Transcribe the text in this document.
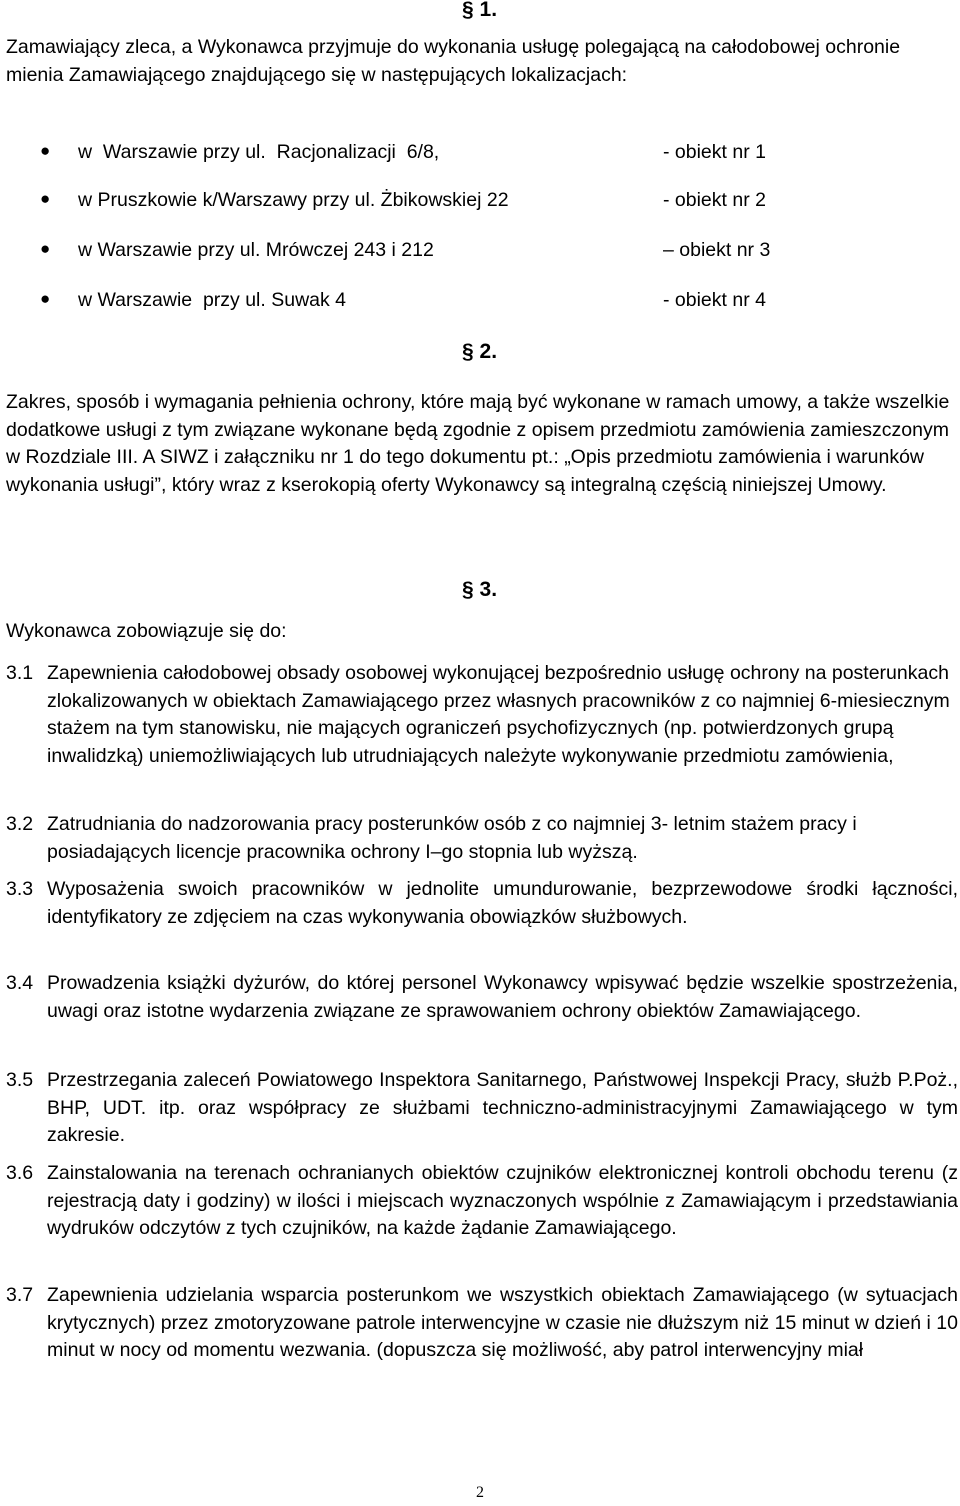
§ 1.

Zamawiający zleca, a Wykonawca przyjmuje do wykonania usługę polegającą na całodobowej ochronie mienia Zamawiającego znajdującego się w następujących lokalizacjach:

● w  Warszawie przy ul.  Racjonalizacji  6/8,	- obiekt nr 1
● w Pruszkowie k/Warszawy przy ul. Żbikowskiej 22	- obiekt nr 2
● w Warszawie przy ul. Mrówczej 243 i 212	– obiekt nr 3
● w Warszawie  przy ul. Suwak 4	- obiekt nr 4
§ 2.

Zakres, sposób i wymagania pełnienia ochrony, które mają być wykonane w ramach umowy, a także wszelkie dodatkowe usługi z tym związane wykonane będą zgodnie z opisem przedmiotu zamówienia zamieszczonym w Rozdziale III. A SIWZ i załączniku nr 1 do tego dokumentu pt.: „Opis przedmiotu zamówienia i warunków wykonania usługi”, który wraz z kserokopią oferty Wykonawcy są integralną częścią niniejszej Umowy.

§ 3.
Wykonawca zobowiązuje się do:
3.1 Zapewnienia całodobowej obsady osobowej wykonującej bezpośrednio usługę ochrony na posterunkach zlokalizowanych w obiektach Zamawiającego przez własnych pracowników z co najmniej 6-miesiecznym stażem na tym stanowisku, nie mających ograniczeń psychofizycznych (np. potwierdzonych grupą inwalidzką) uniemożliwiających lub utrudniających należyte wykonywanie przedmiotu zamówienia,
3.2 Zatrudniania do nadzorowania pracy posterunków osób z co najmniej 3- letnim stażem pracy i posiadających licencje pracownika ochrony I–go stopnia lub wyższą.
3.3 Wyposażenia swoich pracowników w jednolite umundurowanie, bezprzewodowe środki łączności, identyfikatory ze zdjęciem na czas wykonywania obowiązków służbowych.
3.4 Prowadzenia książki dyżurów, do której personel Wykonawcy wpisywać będzie wszelkie spostrzeżenia, uwagi oraz istotne wydarzenia związane ze sprawowaniem ochrony obiektów Zamawiającego.
3.5 Przestrzegania zaleceń Powiatowego Inspektora Sanitarnego, Państwowej Inspekcji Pracy, służb P.Poż., BHP, UDT. itp. oraz współpracy ze służbami techniczno-administracyjnymi Zamawiającego w tym zakresie.
3.6 Zainstalowania na terenach ochranianych obiektów czujników elektronicznej kontroli obchodu terenu (z rejestracją daty i godziny) w ilości i miejscach wyznaczonych wspólnie z Zamawiającym i przedstawiania wydruków odczytów z tych czujników, na każde żądanie Zamawiającego.
3.7 Zapewnienia udzielania wsparcia posterunkom we wszystkich obiektach Zamawiającego (w sytuacjach krytycznych) przez zmotoryzowane patrole interwencyjne w czasie nie dłuższym niż 15 minut w dzień i 10 minut w nocy od momentu wezwania. (dopuszcza się możliwość, aby patrol interwencyjny miał
2
